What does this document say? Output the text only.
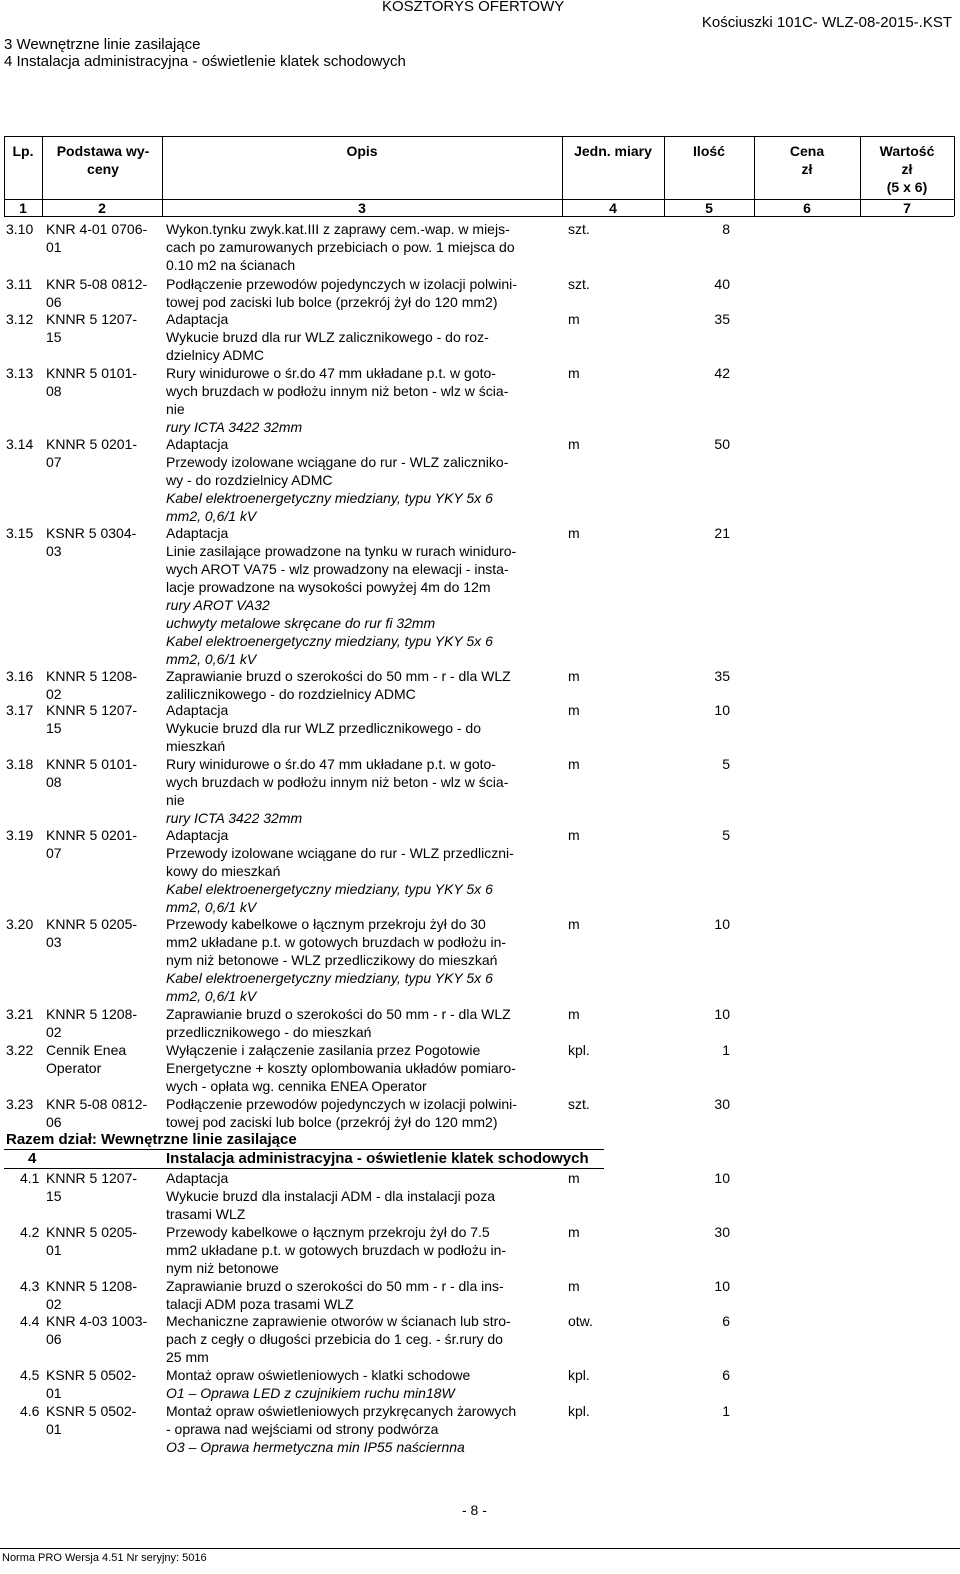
KOSZTORYS OFERTOWY
Kościuszki 101C- WLZ-08-2015-.KST
3 Wewnętrzne linie zasilające
4 Instalacja administracyjna - oświetlenie klatek schodowych
Lp.	Podstawa wy-
ceny
Opis	Jedn. miary	Ilość	Cena
zł
Wartość
zł
(5 x 6)
1	2	3	4	5	6	7
3.10 KNR 4-01 0706-
01
Wykon.tynku zwyk.kat.III z zaprawy cem.-wap. w miejs-
cach po zamurowanych przebiciach o pow. 1 miejsca do
0.10 m2 na ścianach
szt.	8
3.11 KNR 5-08 0812-
06
Podłączenie przewodów pojedynczych w izolacji polwini-
towej pod zaciski lub bolce (przekrój żył do 120 mm2)
szt.	40
3.12 KNNR 5 1207-
15
Adaptacja
Wykucie bruzd dla rur WLZ zalicznikowego - do roz-
dzielnicy ADMC
m	35
3.13 KNNR 5 0101-
08
Rury winidurowe o śr.do 47 mm układane p.t. w goto-
wych bruzdach w podłożu innym niż beton - wlz w ścia-
nie
rury ICTA 3422 32mm
m	42
3.14 KNNR 5 0201-
07
Adaptacja
Przewody izolowane wciągane do rur - WLZ zaliczniko-
wy - do rozdzielnicy ADMC
Kabel elektroenergetyczny miedziany, typu YKY 5x 6
mm2, 0,6/1 kV
m	50
3.15 KSNR 5 0304-
03
Adaptacja
Linie zasilające prowadzone na tynku w rurach winiduro-
wych AROT VA75 - wlz prowadzony na elewacji - insta-
lacje prowadzone na wysokości powyżej 4m do 12m
rury AROT VA32
uchwyty metalowe skręcane do rur fi 32mm
Kabel elektroenergetyczny miedziany, typu YKY 5x 6
mm2, 0,6/1 kV
m	21
3.16 KNNR 5 1208-
02
Zaprawianie bruzd o szerokości do 50 mm - r - dla WLZ
zalilicznikowego - do rozdzielnicy ADMC
m	35
3.17 KNNR 5 1207-
15
Adaptacja
Wykucie bruzd dla rur WLZ przedlicznikowego - do
mieszkań
m	10
3.18 KNNR 5 0101-
08
Rury winidurowe o śr.do 47 mm układane p.t. w goto-
wych bruzdach w podłożu innym niż beton - wlz w ścia-
nie
rury ICTA 3422 32mm
m	5
3.19 KNNR 5 0201-
07
Adaptacja
Przewody izolowane wciągane do rur - WLZ przedliczni-
kowy do mieszkań
Kabel elektroenergetyczny miedziany, typu YKY 5x 6
mm2, 0,6/1 kV
m	5
3.20 KNNR 5 0205-
03
Przewody kabelkowe o łącznym przekroju żył do 30
mm2 układane p.t. w gotowych bruzdach w podłożu in-
nym niż betonowe - WLZ przedliczikowy do mieszkań
Kabel elektroenergetyczny miedziany, typu YKY 5x 6
mm2, 0,6/1 kV
m	10
3.21 KNNR 5 1208-
02
Zaprawianie bruzd o szerokości do 50 mm - r - dla WLZ
przedlicznikowego - do mieszkań
m	10
3.22 Cennik Enea
Operator
Wyłączenie i załączenie zasilania przez Pogotowie
Energetyczne + koszty oplombowania układów pomiaro-
wych - opłata wg. cennika ENEA Operator
kpl.	1
3.23 KNR 5-08 0812-
06
Podłączenie przewodów pojedynczych w izolacji polwini-
towej pod zaciski lub bolce (przekrój żył do 120 mm2)
szt.	30
Razem dział: Wewnętrzne linie zasilające
4	Instalacja administracyjna - oświetlenie klatek schodowych
4.1 KNNR 5 1207-
15
Adaptacja
Wykucie bruzd dla instalacji ADM - dla instalacji poza
trasami WLZ
m	10
4.2 KNNR 5 0205-
01
Przewody kabelkowe o łącznym przekroju żył do 7.5
mm2 układane p.t. w gotowych bruzdach w podłożu in-
nym niż betonowe
m	30
4.3 KNNR 5 1208-
02
Zaprawianie bruzd o szerokości do 50 mm - r - dla ins-
talacji ADM poza trasami WLZ
m	10
4.4 KNR 4-03 1003-
06
Mechaniczne zaprawienie otworów w ścianach lub stro-
pach z cegły o długości przebicia do 1 ceg. - śr.rury do
25 mm
otw.	6
4.5 KSNR 5 0502-
01
Montaż opraw oświetleniowych - klatki schodowe
O1 – Oprawa LED z czujnikiem ruchu min18W
kpl.	6
4.6 KSNR 5 0502-
01
Montaż opraw oświetleniowych przykręcanych żarowych
- oprawa nad wejściami od strony podwórza
O3 – Oprawa hermetyczna min IP55 naściernna
kpl.	1
- 8 -
Norma PRO Wersja 4.51 Nr seryjny: 5016
